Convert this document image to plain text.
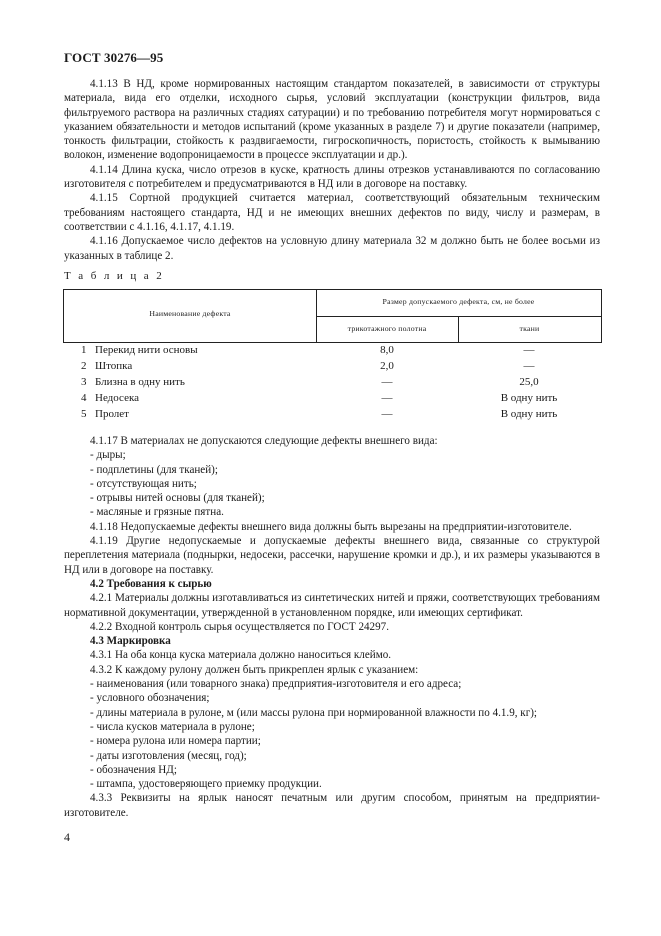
ГОСТ 30276—95

4.1.13 В НД, кроме нормированных настоящим стандартом показателей, в зависимости от структуры материала, вида его отделки, исходного сырья, условий эксплуатации (конструкции фильтров, вида фильтруемого раствора на различных стадиях сатурации) и по требованию потребителя могут нормироваться с указанием обязательности и методов испытаний (кроме указанных в разделе 7) и другие показатели (например, тонкость фильтрации, стойкость к раздвигаемости, гигроскопичность, пористость, стойкость к вымыванию волокон, изменение водопроницаемости в процессе эксплуатации и др.).

4.1.14 Длина куска, число отрезов в куске, кратность длины отрезков устанавливаются по согласованию изготовителя с потребителем и предусматриваются в НД или в договоре на поставку.

4.1.15 Сортной продукцией считается материал, соответствующий обязательным техническим требованиям настоящего стандарта, НД и не имеющих внешних дефектов по виду, числу и размерам, в соответствии с 4.1.16, 4.1.17, 4.1.19.

4.1.16 Допускаемое число дефектов на условную длину материала 32 м должно быть не более восьми из указанных в таблице 2.

Т а б л и ц а 2
Наименование дефекта
Размер допускаемого дефекта, см, не более
трикотажного полотна	ткани
1 Перекид нити основы	8,0	—
2 Штопка	2,0	—
3 Близна в одну нить	—	25,0
4 Недосека	—	В одну нить
5 Пролет	—	В одну нить

4.1.17 В материалах не допускаются следующие дефекты внешнего вида:

- дыры;

- подплетины (для тканей);

- отсутствующая нить;

- отрывы нитей основы (для тканей);

- масляные и грязные пятна.

4.1.18 Недопускаемые дефекты внешнего вида должны быть вырезаны на предприятии-изготовителе.

4.1.19 Другие недопускаемые и допускаемые дефекты внешнего вида, связанные со структурой переплетения материала (поднырки, недосеки, рассечки, нарушение кромки и др.), и их размеры указываются в НД или в договоре на поставку.

4.2 Требования к сырью

4.2.1 Материалы должны изготавливаться из синтетических нитей и пряжи, соответствующих требованиям нормативной документации, утвержденной в установленном порядке, или имеющих сертификат.

4.2.2 Входной контроль сырья осуществляется по ГОСТ 24297.

4.3 Маркировка

4.3.1 На оба конца куска материала должно наноситься клеймо.

4.3.2 К каждому рулону должен быть прикреплен ярлык с указанием:

- наименования (или товарного знака) предприятия-изготовителя и его адреса;

- условного обозначения;

- длины материала в рулоне, м (или массы рулона при нормированной влажности по 4.1.9, кг);

- числа кусков материала в рулоне;

- номера рулона или номера партии;

- даты изготовления (месяц, год);

- обозначения НД;

- штампа, удостоверяющего приемку продукции.

4.3.3 Реквизиты на ярлык наносят печатным или другим способом, принятым на предприятии-изготовителе.

4
